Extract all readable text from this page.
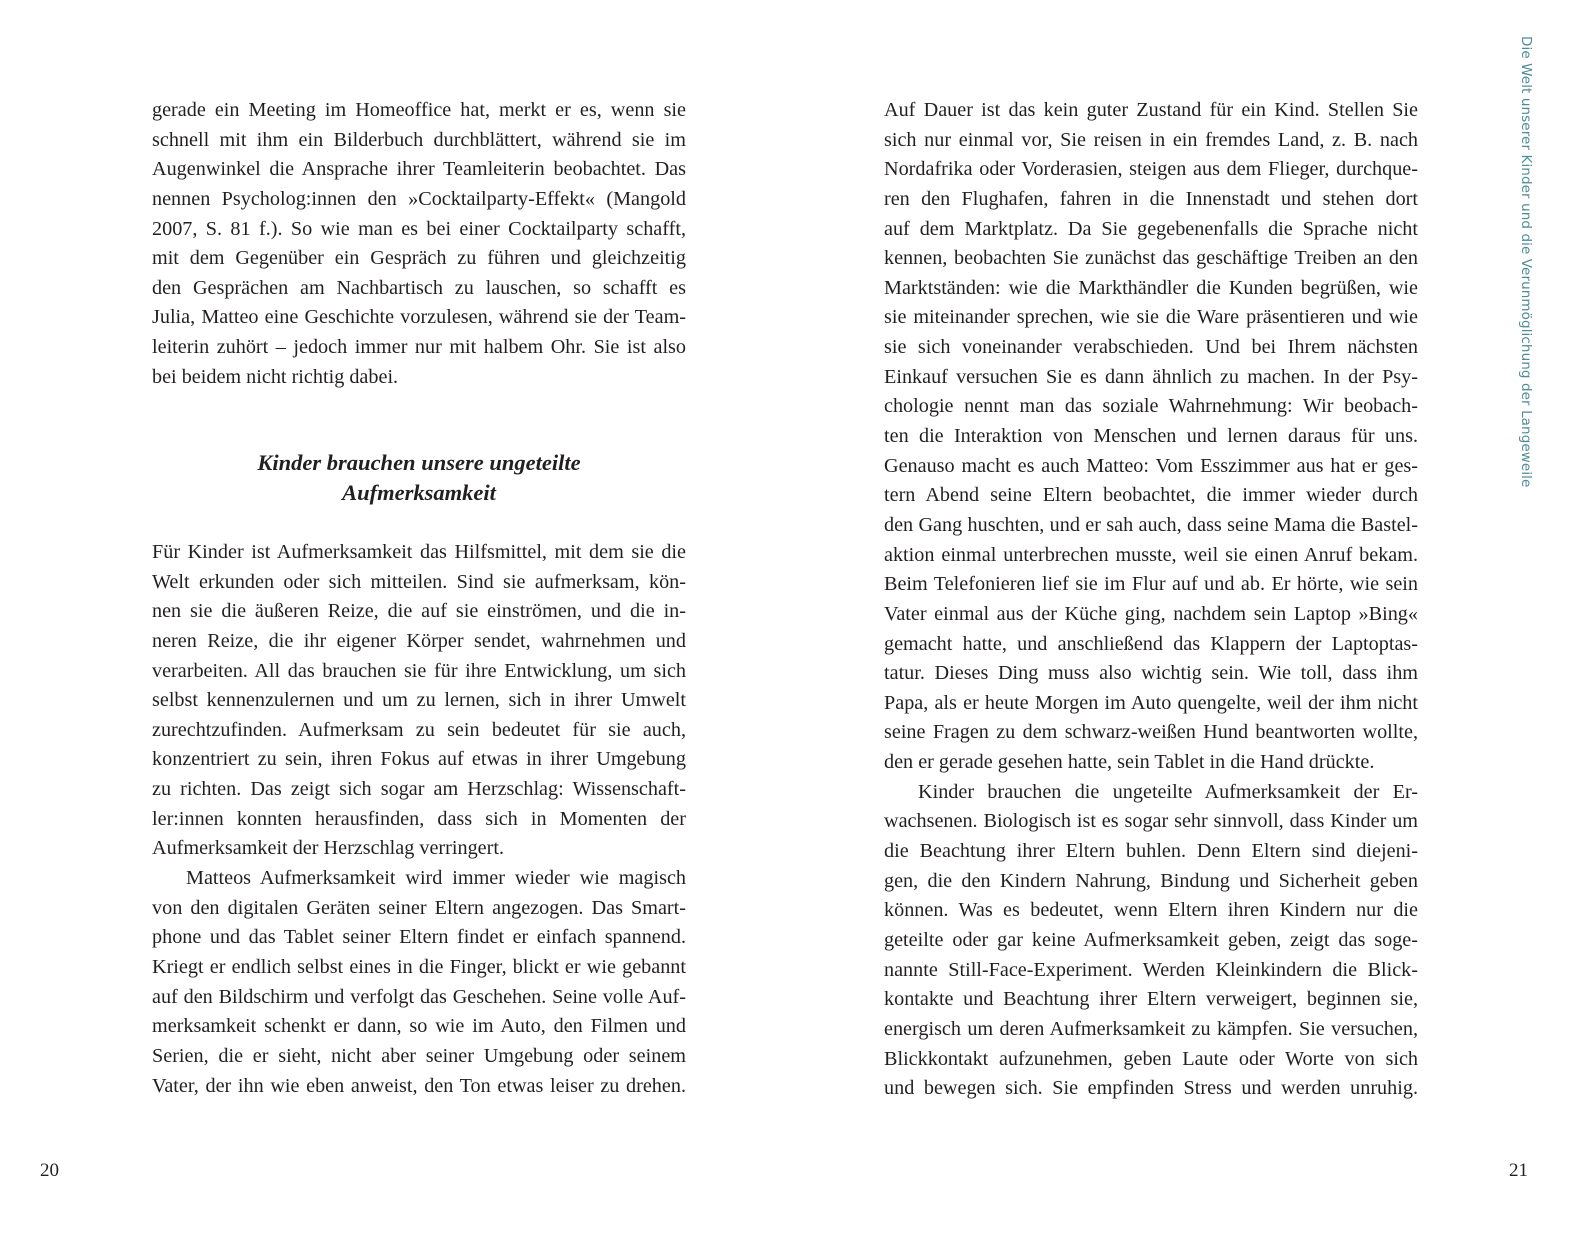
gerade ein Meeting im Homeoffice hat, merkt er es, wenn sie
schnell mit ihm ein Bilderbuch durchblättert, während sie im
Augenwinkel die Ansprache ihrer Teamleiterin beobachtet. Das
nennen Psycholog:innen den »Cocktailparty-Effekt« (Mangold
2007, S. 81 f.). So wie man es bei einer Cocktailparty schafft,
mit dem Gegenüber ein Gespräch zu führen und gleichzeitig
den Gesprächen am Nachbartisch zu lauschen, so schafft es
Julia, Matteo eine Geschichte vorzulesen, während sie der Team-
leiterin zuhört – jedoch immer nur mit halbem Ohr. Sie ist also
bei beidem nicht richtig dabei.
Kinder brauchen unsere ungeteilte
Aufmerksamkeit
Für Kinder ist Aufmerksamkeit das Hilfsmittel, mit dem sie die
Welt erkunden oder sich mitteilen. Sind sie aufmerksam, kön-
nen sie die äußeren Reize, die auf sie einströmen, und die in-
neren Reize, die ihr eigener Körper sendet, wahrnehmen und
verarbeiten. All das brauchen sie für ihre Entwicklung, um sich
selbst kennenzulernen und um zu lernen, sich in ihrer Umwelt
zurechtzufinden. Aufmerksam zu sein bedeutet für sie auch,
konzentriert zu sein, ihren Fokus auf etwas in ihrer Umgebung
zu richten. Das zeigt sich sogar am Herzschlag: Wissenschaft-
ler:innen konnten herausfinden, dass sich in Momenten der
Aufmerksamkeit der Herzschlag verringert.
Matteos Aufmerksamkeit wird immer wieder wie magisch
von den digitalen Geräten seiner Eltern angezogen. Das Smart-
phone und das Tablet seiner Eltern findet er einfach spannend.
Kriegt er endlich selbst eines in die Finger, blickt er wie gebannt
auf den Bildschirm und verfolgt das Geschehen. Seine volle Auf-
merksamkeit schenkt er dann, so wie im Auto, den Filmen und
Serien, die er sieht, nicht aber seiner Umgebung oder seinem
Vater, der ihn wie eben anweist, den Ton etwas leiser zu drehen.
20
Auf Dauer ist das kein guter Zustand für ein Kind. Stellen Sie
sich nur einmal vor, Sie reisen in ein fremdes Land, z. B. nach
Nordafrika oder Vorderasien, steigen aus dem Flieger, durchque-
ren den Flughafen, fahren in die Innenstadt und stehen dort
auf dem Marktplatz. Da Sie gegebenenfalls die Sprache nicht
kennen, beobachten Sie zunächst das geschäftige Treiben an den
Marktständen: wie die Markthändler die Kunden begrüßen, wie
sie miteinander sprechen, wie sie die Ware präsentieren und wie
sie sich voneinander verabschieden. Und bei Ihrem nächsten
Einkauf versuchen Sie es dann ähnlich zu machen. In der Psy-
chologie nennt man das soziale Wahrnehmung: Wir beobach-
ten die Interaktion von Menschen und lernen daraus für uns.
Genauso macht es auch Matteo: Vom Esszimmer aus hat er ges-
tern Abend seine Eltern beobachtet, die immer wieder durch
den Gang huschten, und er sah auch, dass seine Mama die Bastel-
aktion einmal unterbrechen musste, weil sie einen Anruf bekam.
Beim Telefonieren lief sie im Flur auf und ab. Er hörte, wie sein
Vater einmal aus der Küche ging, nachdem sein Laptop »Bing«
gemacht hatte, und anschließend das Klappern der Laptoptas-
tatur. Dieses Ding muss also wichtig sein. Wie toll, dass ihm
Papa, als er heute Morgen im Auto quengelte, weil der ihm nicht
seine Fragen zu dem schwarz-weißen Hund beantworten wollte,
den er gerade gesehen hatte, sein Tablet in die Hand drückte.
Kinder brauchen die ungeteilte Aufmerksamkeit der Er-
wachsenen. Biologisch ist es sogar sehr sinnvoll, dass Kinder um
die Beachtung ihrer Eltern buhlen. Denn Eltern sind diejeni-
gen, die den Kindern Nahrung, Bindung und Sicherheit geben
können. Was es bedeutet, wenn Eltern ihren Kindern nur die
geteilte oder gar keine Aufmerksamkeit geben, zeigt das soge-
nannte Still-Face-Experiment. Werden Kleinkindern die Blick-
kontakte und Beachtung ihrer Eltern verweigert, beginnen sie,
energisch um deren Aufmerksamkeit zu kämpfen. Sie versuchen,
Blickkontakt aufzunehmen, geben Laute oder Worte von sich
und bewegen sich. Sie empfinden Stress und werden unruhig.
21
Die Welt unserer Kinder und die Verunmöglichung der Langeweile
